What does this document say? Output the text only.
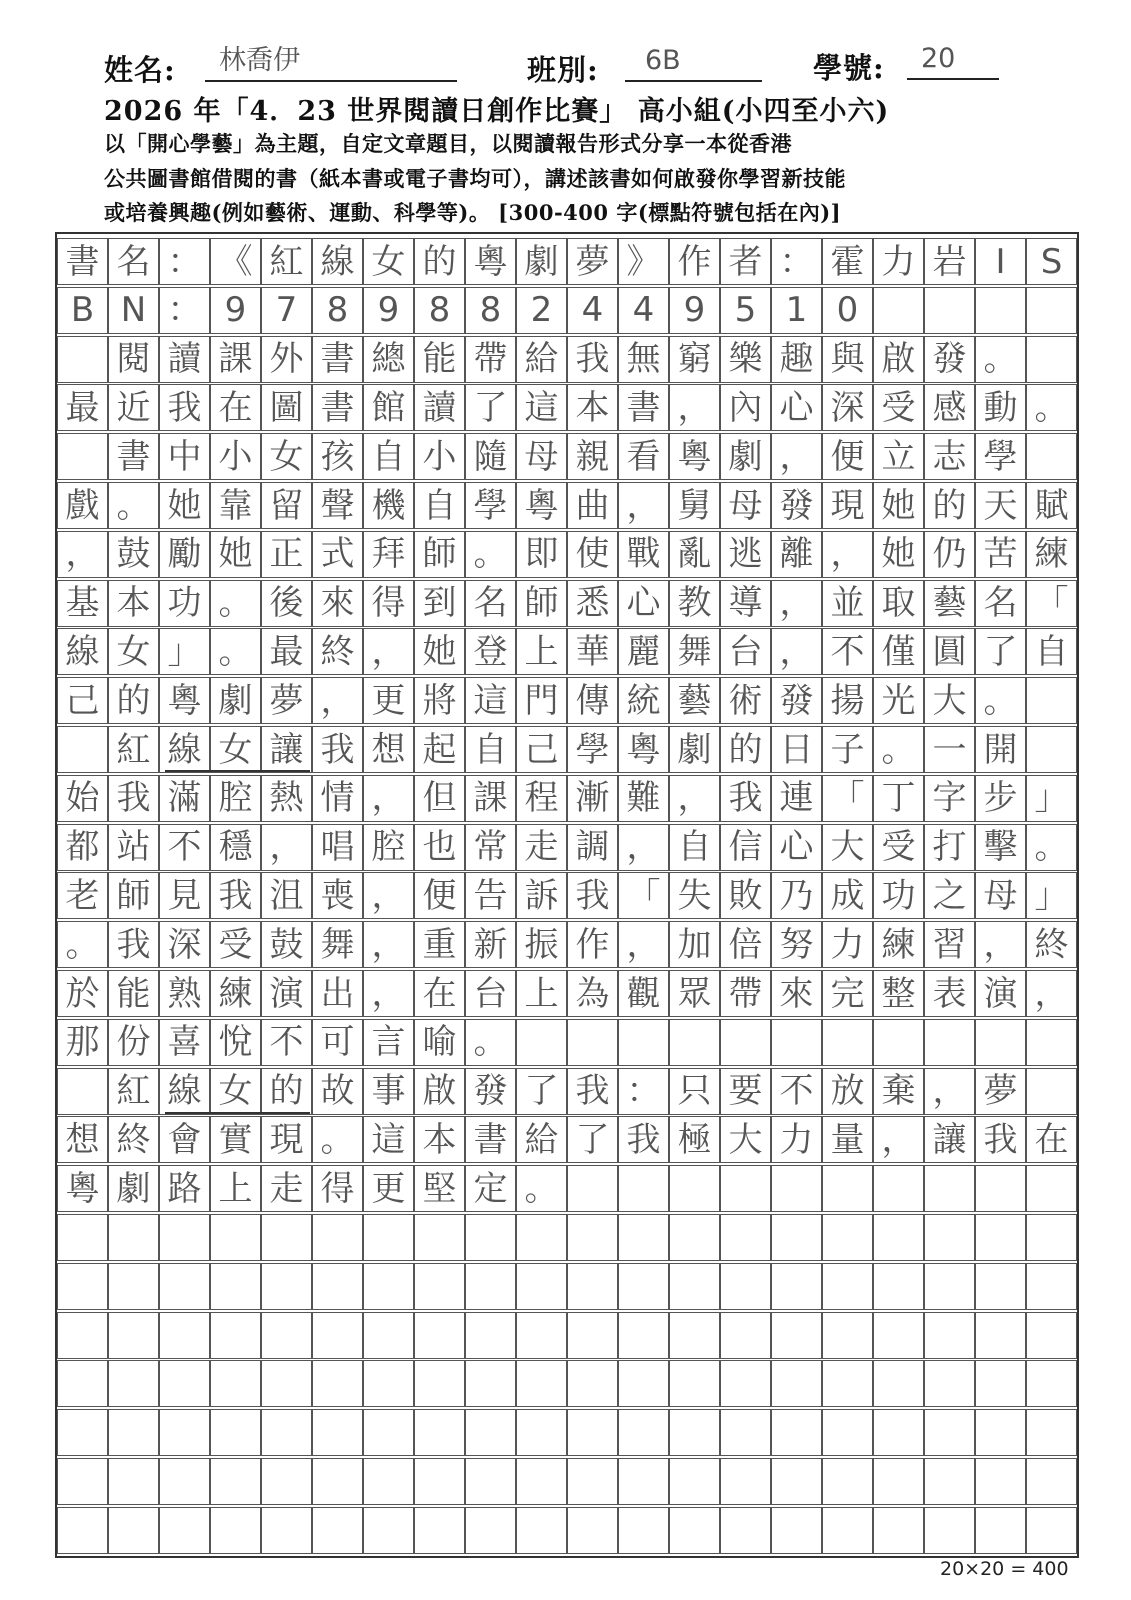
姓名:	林喬伊	班別:	6B	學號:	20
2026 年「4．23 世界閱讀日創作比賽」 高小組(小四至小六)
以「開心學藝」為主題，自定文章題目，以閱讀報告形式分享一本從香港
公共圖書館借閱的書（紙本書或電子書均可），講述該書如何啟發你學習新技能
或培養興趣(例如藝術、運動、科學等)。 [300-400 字(標點符號包括在內)]
書 名 ： 《 紅 線 女 的 粵 劇 夢 》 作 者 ： 霍 力 岩 I	S
B N ： 9 7 8 9 8 8 2 4 4 9 5 1 0
閱 讀 課 外 書 總 能 帶 給 我 無 窮 樂 趣 與 啟 發 。
最 近 我 在 圖 書 館 讀 了 這 本 書 ， 內 心 深 受 感 動 。
書 中 小 女 孩 自 小 隨 母 親 看 粵 劇 ， 便 立 志 學
戲 。 她 靠 留 聲 機 自 學 粵 曲 ， 舅 母 發 現 她 的 天 賦
， 鼓 勵 她 正 式 拜 師 。 即 使 戰 亂 逃 離 ， 她 仍 苦 練
基 本 功 。 後 來 得 到 名 師 悉 心 教 導 ， 並 取 藝 名 「
線 女 」 。 最 終 ， 她 登 上 華 麗 舞 台 ， 不 僅 圓 了 自
己 的 粵 劇 夢 ， 更 將 這 門 傳 統 藝 術 發 揚 光 大 。
紅 線 女 讓 我 想 起 自 己 學 粵 劇 的 日 子 。 一 開
始 我 滿 腔 熱 情 ， 但 課 程 漸 難 ， 我 連 「 丁 字 步 」
都 站 不 穩 ， 唱 腔 也 常 走 調 ， 自 信 心 大 受 打 擊 。
老 師 見 我 沮 喪 ， 便 告 訴 我 「 失 敗 乃 成 功 之 母 」
。 我 深 受 鼓 舞 ， 重 新 振 作 ， 加 倍 努 力 練 習 ， 終
於 能 熟 練 演 出 ， 在 台 上 為 觀 眾 帶 來 完 整 表 演 ，
那 份 喜 悅 不 可 言 喻 。
紅 線 女 的 故 事 啟 發 了 我 ： 只 要 不 放 棄 ， 夢
想 終 會 實 現 。 這 本 書 給 了 我 極 大 力 量 ， 讓 我 在
粵 劇 路 上 走 得 更 堅 定 。
20×20 = 400
